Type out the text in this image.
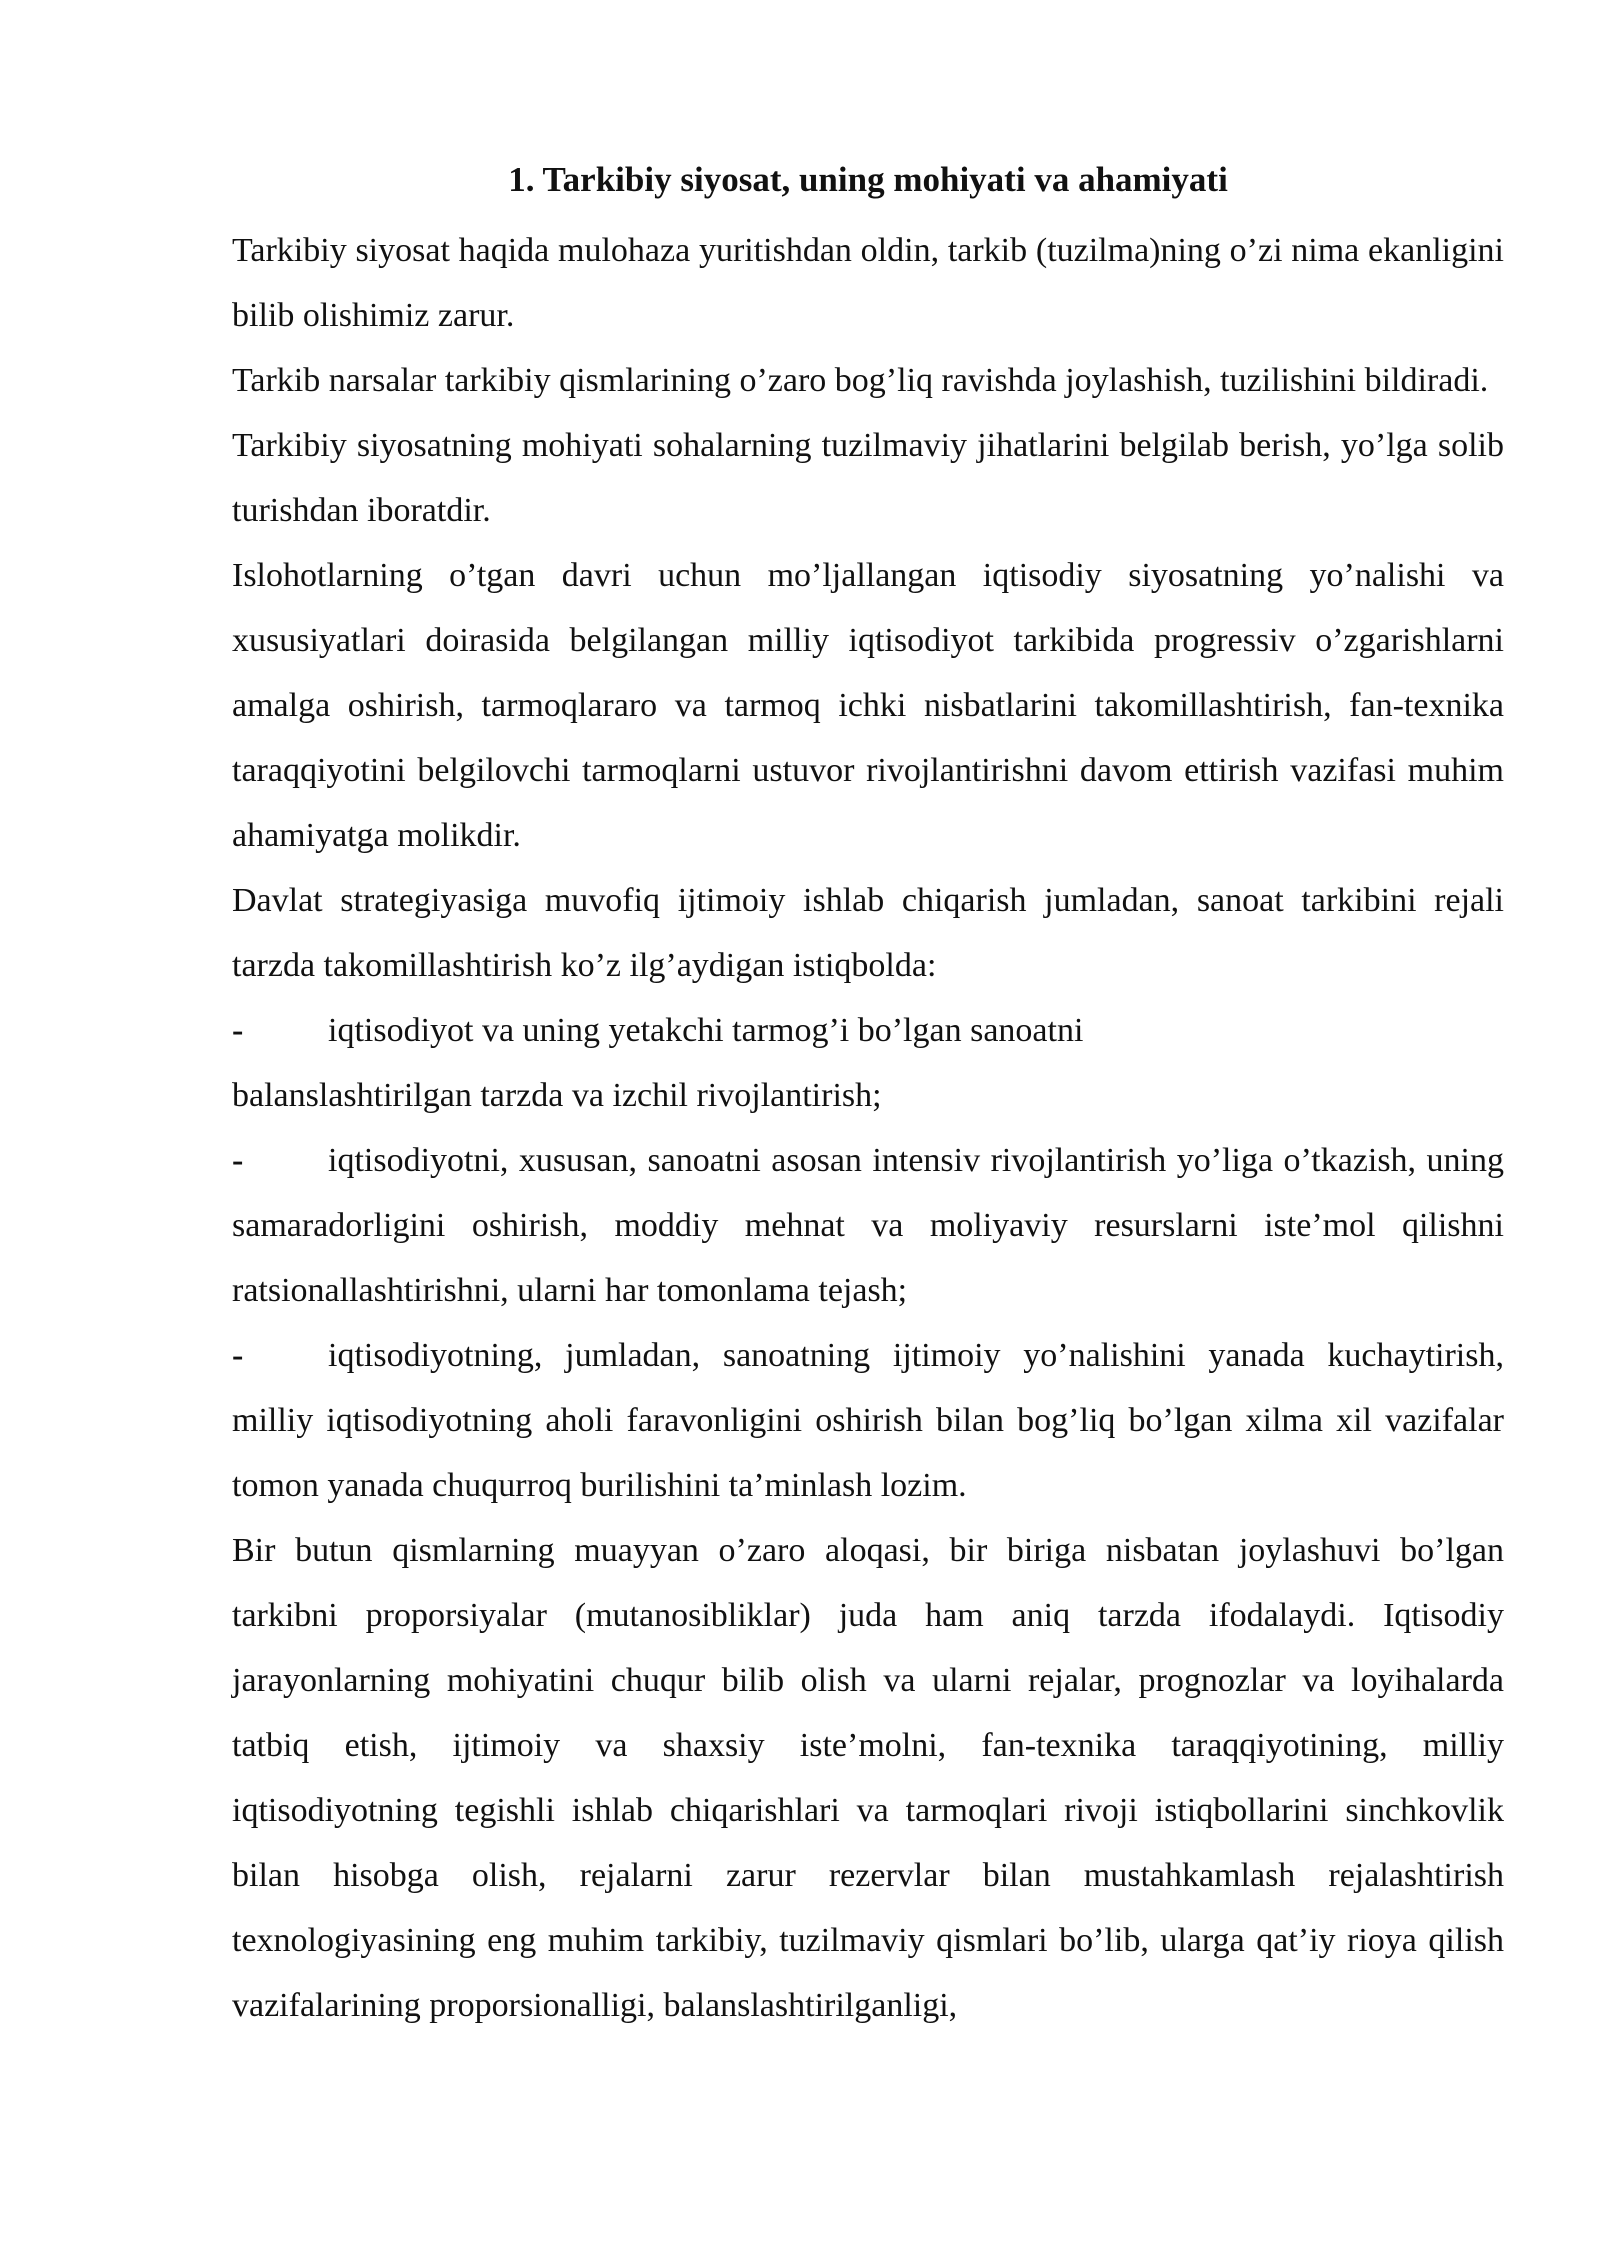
1. Tarkibiy siyosat, uning mohiyati va ahamiyati

Tarkibiy siyosat haqida mulohaza yuritishdan oldin, tarkib (tuzilma)ning o’zi nima ekanligini bilib olishimiz zarur.

Tarkib narsalar tarkibiy qismlarining o’zaro bog’liq ravishda joylashish, tuzilishini bildiradi.

Tarkibiy siyosatning mohiyati sohalarning tuzilmaviy jihatlarini belgilab berish, yo’lga solib turishdan iboratdir.

Islohotlarning o’tgan davri uchun mo’ljallangan iqtisodiy siyosatning yo’nalishi va xususiyatlari doirasida belgilangan milliy iqtisodiyot tarkibida progressiv o’zgarishlarni amalga oshirish, tarmoqlararo va tarmoq ichki nisbatlarini takomillashtirish, fan-texnika taraqqiyotini belgilovchi tarmoqlarni ustuvor rivojlantirishni davom ettirish vazifasi muhim ahamiyatga molikdir.

Davlat strategiyasiga muvofiq ijtimoiy ishlab chiqarish jumladan, sanoat tarkibini rejali tarzda takomillashtirish ko’z ilg’aydigan istiqbolda:

- iqtisodiyot va uning yetakchi tarmog’i bo’lgan sanoatni

balanslashtirilgan tarzda va izchil rivojlantirish;

- iqtisodiyotni, xususan, sanoatni asosan intensiv rivojlantirish yo’liga o’tkazish, uning samaradorligini oshirish, moddiy mehnat va moliyaviy resurslarni iste’mol qilishni ratsionallashtirishni, ularni har tomonlama tejash;

- iqtisodiyotning, jumladan, sanoatning ijtimoiy yo’nalishini yanada kuchaytirish, milliy iqtisodiyotning aholi faravonligini oshirish bilan bog’liq bo’lgan xilma xil vazifalar tomon yanada chuqurroq burilishini ta’minlash lozim.

Bir butun qismlarning muayyan o’zaro aloqasi, bir biriga nisbatan joylashuvi bo’lgan tarkibni proporsiyalar (mutanosibliklar) juda ham aniq tarzda ifodalaydi. Iqtisodiy jarayonlarning mohiyatini chuqur bilib olish va ularni rejalar, prognozlar va loyihalarda tatbiq etish, ijtimoiy va shaxsiy iste’molni, fan-texnika taraqqiyotining, milliy iqtisodiyotning tegishli ishlab chiqarishlari va tarmoqlari rivoji istiqbollarini sinchkovlik bilan hisobga olish, rejalarni zarur rezervlar bilan mustahkamlash rejalashtirish texnologiyasining eng muhim tarkibiy, tuzilmaviy qismlari bo’lib, ularga qat’iy rioya qilish vazifalarining proporsionalligi, balanslashtirilganligi,
